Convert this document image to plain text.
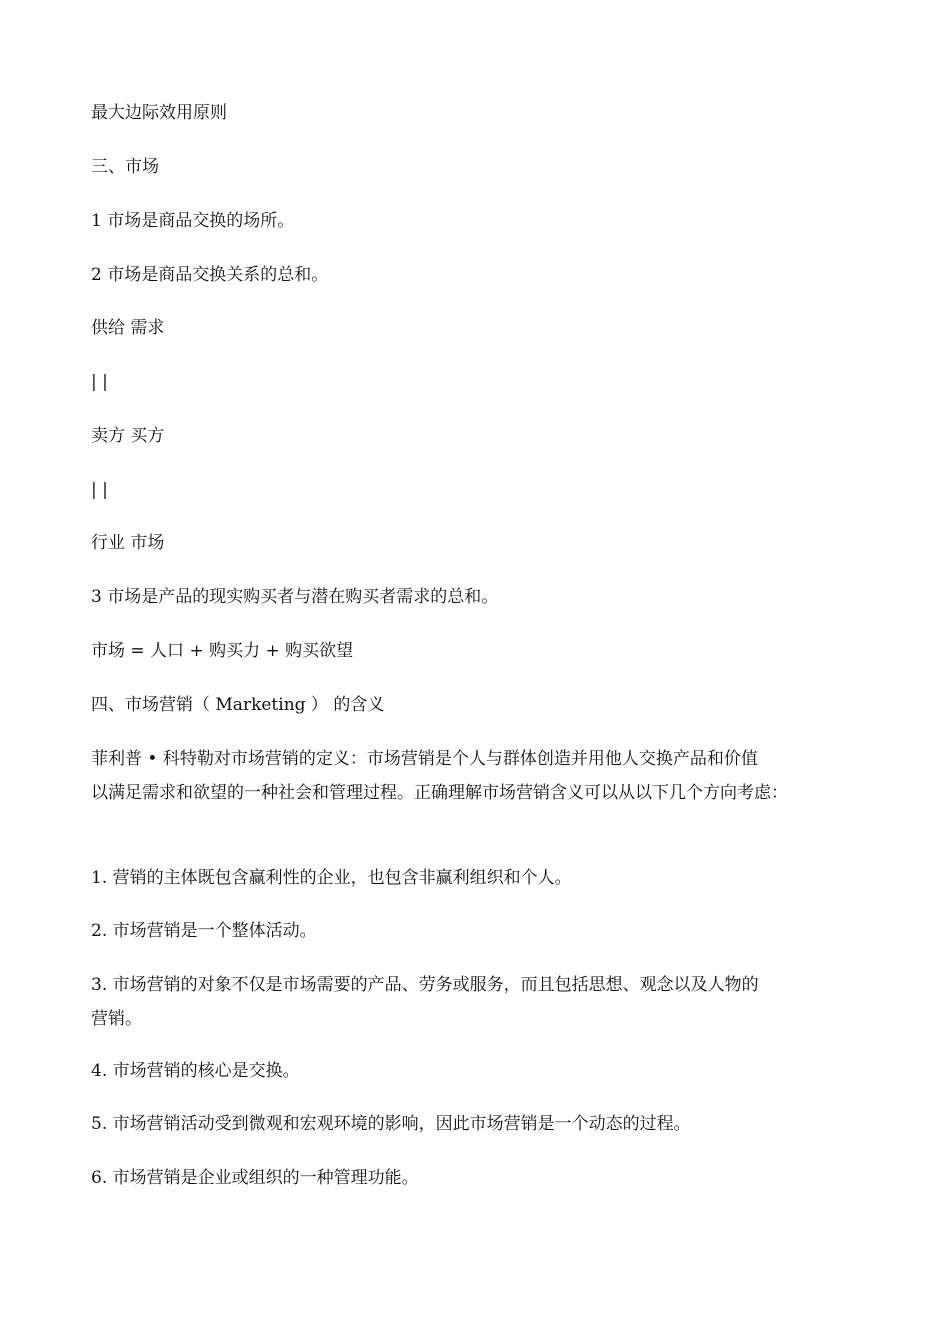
最大边际效用原则

三、市场

1 市场是商品交换的场所。

2 市场是商品交换关系的总和。

供给 需求

| |

卖方 买方

| |

行业 市场

3 市场是产品的现实购买者与潜在购买者需求的总和。

市场 = 人口 + 购买力 + 购买欲望

四、市场营销（ Marketing ） 的含义

菲利普 • 科特勒对市场营销的定义：市场营销是个人与群体创造并用他人交换产品和价值
以满足需求和欲望的一种社会和管理过程。正确理解市场营销含义可以从以下几个方向考虑：

1. 营销的主体既包含赢利性的企业，也包含非赢利组织和个人。

2. 市场营销是一个整体活动。

3. 市场营销的对象不仅是市场需要的产品、劳务或服务，而且包括思想、观念以及人物的

营销。

4. 市场营销的核心是交换。

5. 市场营销活动受到微观和宏观环境的影响，因此市场营销是一个动态的过程。

6. 市场营销是企业或组织的一种管理功能。
